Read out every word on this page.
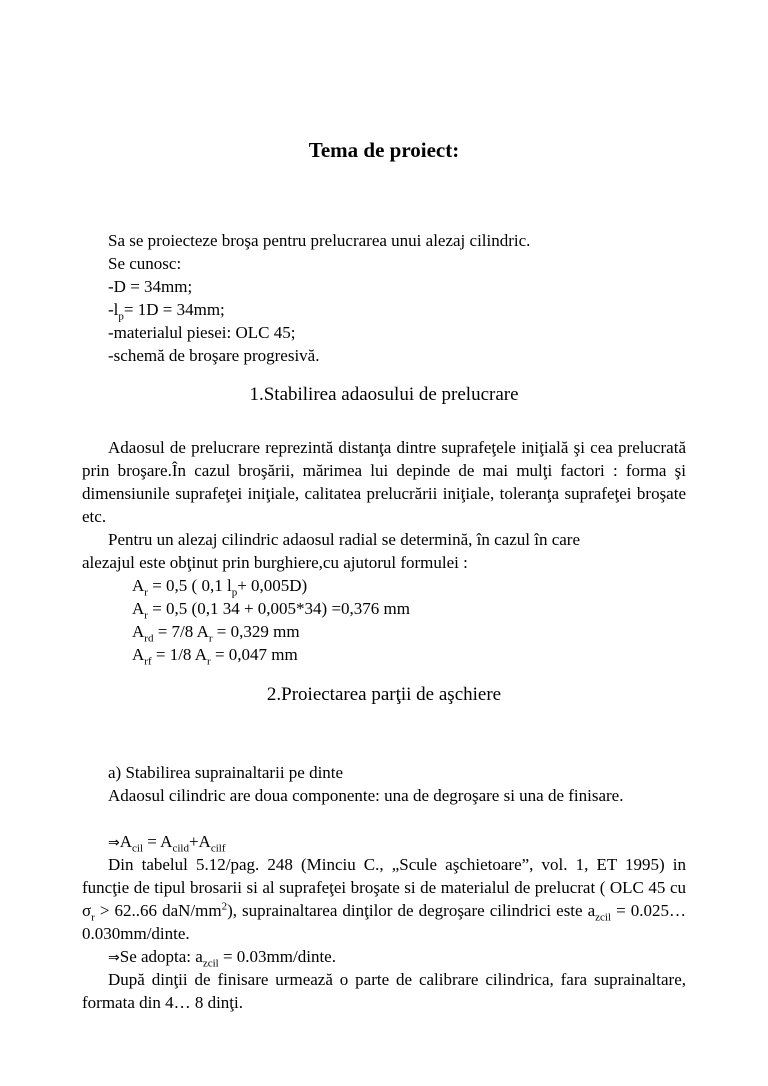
Tema de proiect:
Sa se proiecteze broşa pentru prelucrarea unui alezaj cilindric.
Se cunosc:
-D = 34mm;
$-l_p= 1D = 34mm$;
-materialul piesei: OLC 45;
-schemă de broşare progresivă.
1.Stabilirea adaosului de prelucrare
Adaosul de prelucrare reprezintă distanţa dintre suprafeţele iniţială şi cea prelucrată prin broşare.În cazul broşării, mărimea lui depinde de mai mulţi factori : forma şi dimensiunile suprafeţei iniţiale, calitatea prelucrării iniţiale, toleranţa suprafeţei broşate etc.
Pentru un alezaj cilindric adaosul radial se determină, în cazul în care
alezajul este obţinut prin burghiere,cu ajutorul formulei :
$A_r = 0,5$ ( 0,1 $l_p+ 0,005D$)
$A_r = 0,5$ (0,1 34 + 0,005*34) =0,376 mm
$A_{rd} = 7/8$ $A_r = 0,329$ mm
$A_{rf} = 1/8$ $A_r = 0,047$ mm
2.Proiectarea parţii de aşchiere
a) Stabilirea suprainaltarii pe dinte
Adaosul cilindric are doua componente: una de degroşare si una de finisare.
$\Rightarrow A_{cil} = A_{cild}+A_{cilf}$
Din tabelul 5.12/pag. 248 (Minciu C., „Scule aşchietoare”, vol. 1, ET 1995) in funcţie de tipul brosarii si al suprafeţei broşate si de materialul de prelucrat ( OLC 45 cu $\sigma_r > 62..66$ daN/$mm^2$), suprainaltarea dinţilor de degroşare cilindrici este $a_{zcil}$ = 0.025…0.030mm/dinte.
⇒Se adopta: $a_{zcil}$ = 0.03mm/dinte.
După dinţii de finisare urmează o parte de calibrare cilindrica, fara suprainaltare, formata din 4… 8 dinţi.
